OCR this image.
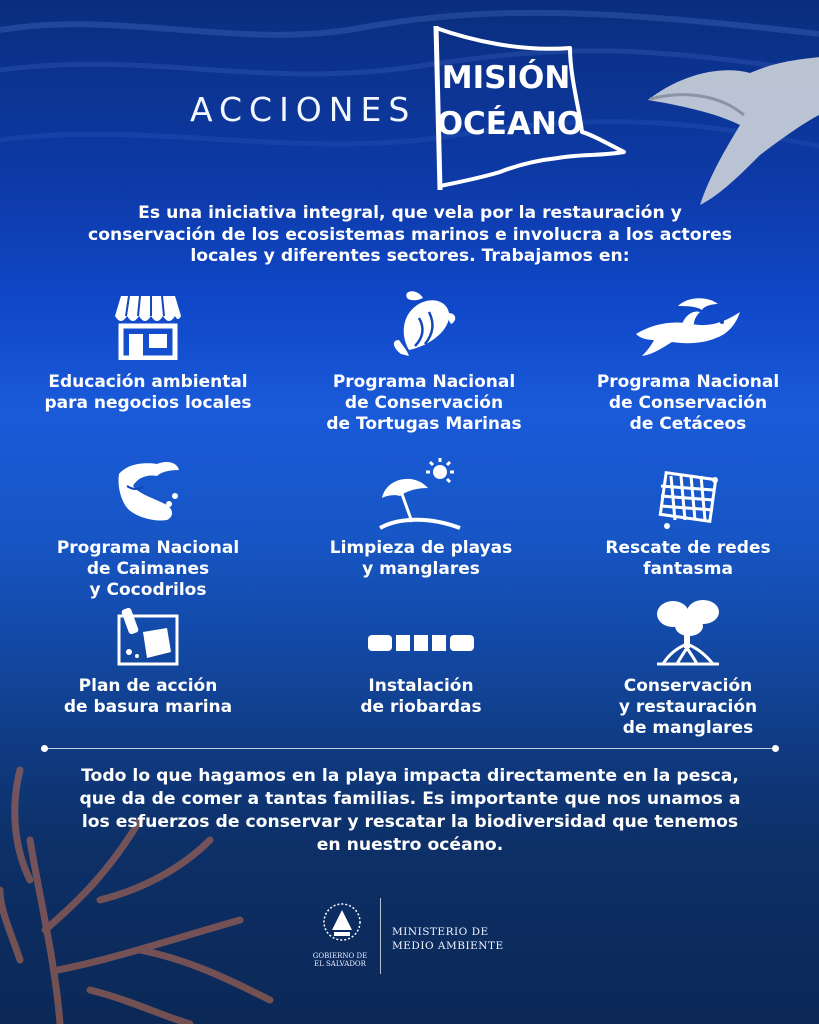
ACCIONES
MISIÓN
OCÉANO
Es una iniciativa integral, que vela por la restauración y conservación de los ecosistemas marinos e involucra a los actores locales y diferentes sectores. Trabajamos en:
Educación ambiental
para negocios locales
Programa Nacional
de Conservación
de Tortugas Marinas
Programa Nacional
de Conservación
de Cetáceos
Programa Nacional
de Caimanes
y Cocodrilos
Limpieza de playas
y manglares
Rescate de redes
fantasma
Plan de acción
de basura marina
Instalación
de riobardas
Conservación
y restauración
de manglares
Todo lo que hagamos en la playa impacta directamente en la pesca, que da de comer a tantas familias. Es importante que nos unamos a los esfuerzos de conservar y rescatar la biodiversidad que tenemos en nuestro océano.
GOBIERNO DE
EL SALVADOR
MINISTERIO DE
MEDIO AMBIENTE
